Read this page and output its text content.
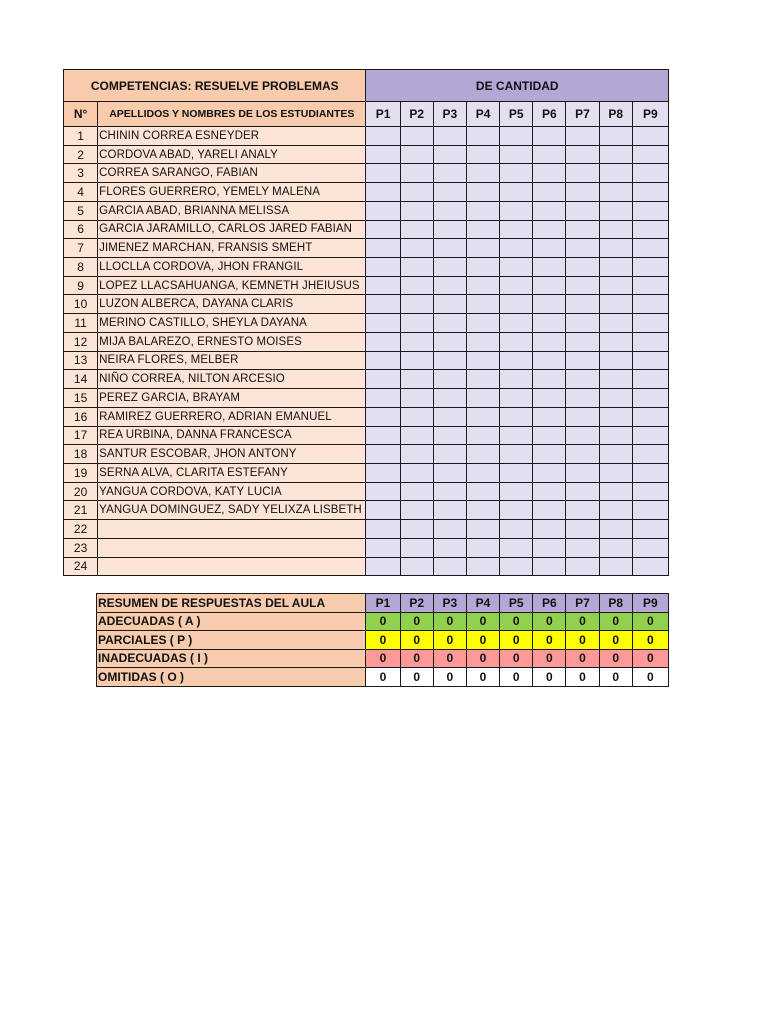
COMPETENCIAS: RESUELVE PROBLEMAS		DE CANTIDAD								
N°	APELLIDOS Y NOMBRES DE LOS ESTUDIANTES	P1	P2	P3	P4	P5	P6	P7	P8	P9
1	CHININ CORREA ESNEYDER									
2	CORDOVA ABAD, YARELI ANALY									
3	CORREA SARANGO, FABIAN									
4	FLORES GUERRERO, YEMELY MALENA									
5	GARCIA ABAD, BRIANNA MELISSA									
6	GARCIA JARAMILLO, CARLOS JARED FABIAN									
7	JIMENEZ MARCHAN, FRANSIS SMEHT									
8	LLOCLLA CORDOVA, JHON FRANGIL									
9	LOPEZ LLACSAHUANGA, KEMNETH JHEIUSUS									
10	LUZON ALBERCA, DAYANA CLARIS									
11	MERINO CASTILLO, SHEYLA DAYANA									
12	MIJA BALAREZO, ERNESTO MOISES									
13	NEIRA FLORES, MELBER									
14	NIÑO CORREA, NILTON ARCESIO									
15	PEREZ GARCIA, BRAYAM									
16	RAMIREZ GUERRERO, ADRIAN EMANUEL									
17	REA URBINA, DANNA FRANCESCA									
18	SANTUR ESCOBAR, JHON ANTONY									
19	SERNA ALVA, CLARITA ESTEFANY									
20	YANGUA CORDOVA, KATY LUCIA									
21	YANGUA DOMINGUEZ, SADY YELIXZA LISBETH									
22										
23										
24										
RESUMEN DE RESPUESTAS DEL AULA	P1	P2	P3	P4	P5	P6	P7	P8	P9
ADECUADAS ( A )	0	0	0	0	0	0	0	0	0
PARCIALES ( P )	0	0	0	0	0	0	0	0	0
INADECUADAS ( I )	0	0	0	0	0	0	0	0	0
OMITIDAS ( O )	0	0	0	0	0	0	0	0	0
